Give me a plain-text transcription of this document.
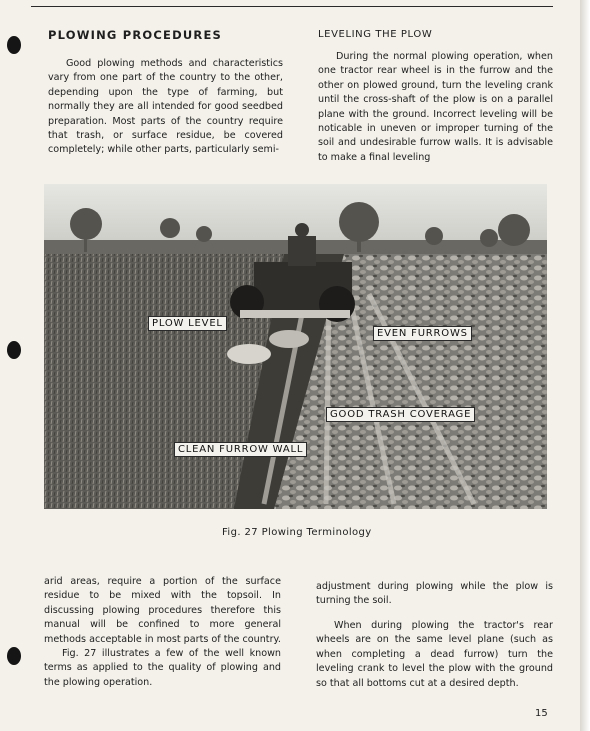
PLOWING PROCEDURES

Good plowing methods and characteristics vary from one part of the country to the other, depending upon the type of farming, but normally they are all intended for good seedbed preparation. Most parts of the country require that trash, or surface residue, be covered completely; while other parts, particularly semi-

LEVELING THE PLOW

During the normal plowing operation, when one tractor rear wheel is in the furrow and the other on plowed ground, turn the leveling crank until the cross-shaft of the plow is on a parallel plane with the ground. Incorrect leveling will be noticable in uneven or improper turning of the soil and undesirable furrow walls. It is advisable to make a final leveling

PLOW LEVEL
EVEN FURROWS
GOOD TRASH COVERAGE
CLEAN FURROW WALL
Fig. 27 Plowing Terminology

arid areas, require a portion of the surface residue to be mixed with the topsoil. In discussing plowing procedures therefore this manual will be confined to more general methods acceptable in most parts of the country.

Fig. 27 illustrates a few of the well known terms as applied to the quality of plowing and the plowing operation.

adjustment during plowing while the plow is turning the soil.

When during plowing the tractor's rear wheels are on the same level plane (such as when completing a dead furrow) turn the leveling crank to level the plow with the ground so that all bottoms cut at a desired depth.

15
